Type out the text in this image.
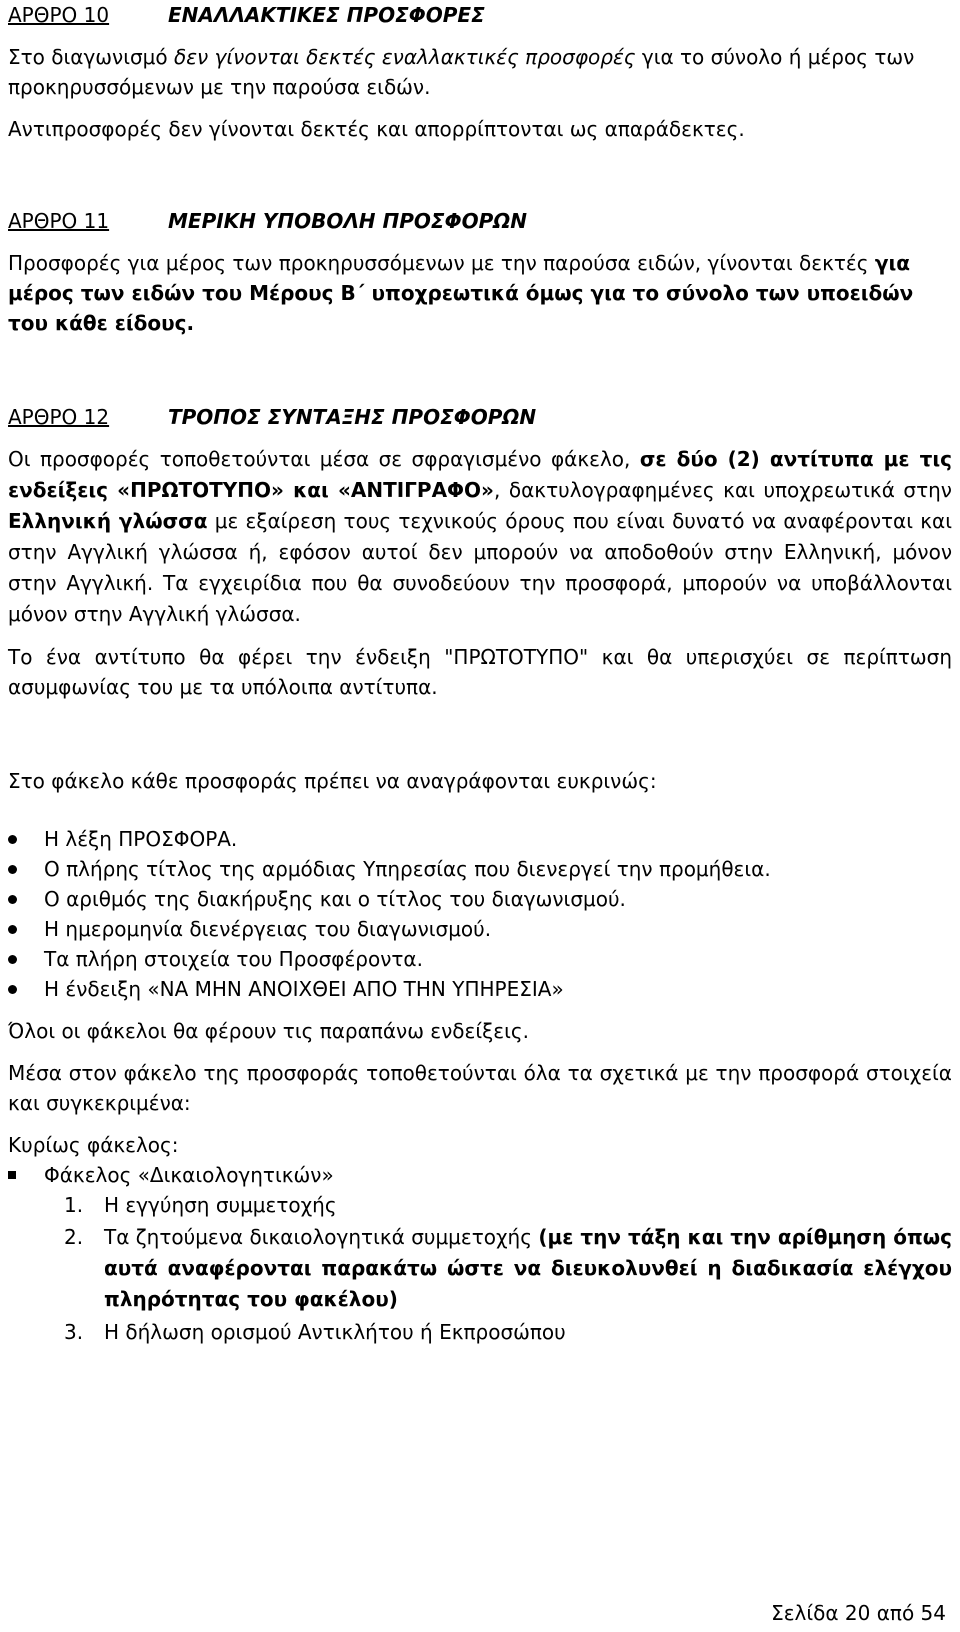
ΑΡΘΡΟ 10	ΕΝΑΛΛΑΚΤΙΚΕΣ ΠΡΟΣΦΟΡΕΣ

Στο διαγωνισμό δεν γίνονται δεκτές εναλλακτικές προσφορές για το σύνολο ή μέρος των προκηρυσσόμενων με την παρούσα ειδών.

Αντιπροσφορές δεν γίνονται δεκτές και απορρίπτονται ως απαράδεκτες.

ΑΡΘΡΟ 11	ΜΕΡΙΚΗ ΥΠΟΒΟΛΗ ΠΡΟΣΦΟΡΩΝ

Προσφορές για μέρος των προκηρυσσόμενων με την παρούσα ειδών, γίνονται δεκτές για μέρος των ειδών του Μέρους Β΄ υποχρεωτικά όμως για το σύνολο των υποειδών του κάθε είδους.

ΑΡΘΡΟ 12	ΤΡΟΠΟΣ ΣΥΝΤΑΞΗΣ ΠΡΟΣΦΟΡΩΝ

Οι προσφορές τοποθετούνται μέσα σε σφραγισμένο φάκελο, σε δύο (2) αντίτυπα με τις ενδείξεις «ΠΡΩΤΟΤΥΠΟ» και «ΑΝΤΙΓΡΑΦΟ», δακτυλογραφημένες και υποχρεωτικά στην Ελληνική γλώσσα με εξαίρεση τους τεχνικούς όρους που είναι δυνατό να αναφέρονται και στην Αγγλική γλώσσα ή, εφόσον αυτοί δεν μπορούν να αποδοθούν στην Ελληνική, μόνον στην Αγγλική. Τα εγχειρίδια που θα συνοδεύουν την προσφορά, μπορούν να υποβάλλονται μόνον στην Αγγλική γλώσσα.

Το ένα αντίτυπο θα φέρει την ένδειξη "ΠΡΩΤΟΤΥΠΟ" και θα υπερισχύει σε περίπτωση ασυμφωνίας του με τα υπόλοιπα αντίτυπα.

Στο φάκελο κάθε προσφοράς πρέπει να αναγράφονται ευκρινώς:

Η λέξη ΠΡΟΣΦΟΡΑ.
Ο πλήρης τίτλος της αρμόδιας Υπηρεσίας που διενεργεί την προμήθεια.
Ο αριθμός της διακήρυξης και ο τίτλος του διαγωνισμού.
Η ημερομηνία διενέργειας του διαγωνισμού.
Τα πλήρη στοιχεία του Προσφέροντα.
Η ένδειξη «ΝΑ ΜΗΝ ΑΝΟΙΧΘΕΙ ΑΠΟ ΤΗΝ ΥΠΗΡΕΣΙΑ»

Όλοι οι φάκελοι θα φέρουν τις παραπάνω ενδείξεις.

Μέσα στον φάκελο της προσφοράς τοποθετούνται όλα τα σχετικά με την προσφορά στοιχεία και συγκεκριμένα:

Κυρίως φάκελος:

Φάκελος «Δικαιολογητικών»
1. Η εγγύηση συμμετοχής
2. Τα ζητούμενα δικαιολογητικά συμμετοχής (με την τάξη και την αρίθμηση όπως αυτά αναφέρονται παρακάτω ώστε να διευκολυνθεί η διαδικασία ελέγχου πληρότητας του φακέλου)
3. Η δήλωση ορισμού Αντικλήτου ή Εκπροσώπου
Σελίδα 20 από 54
